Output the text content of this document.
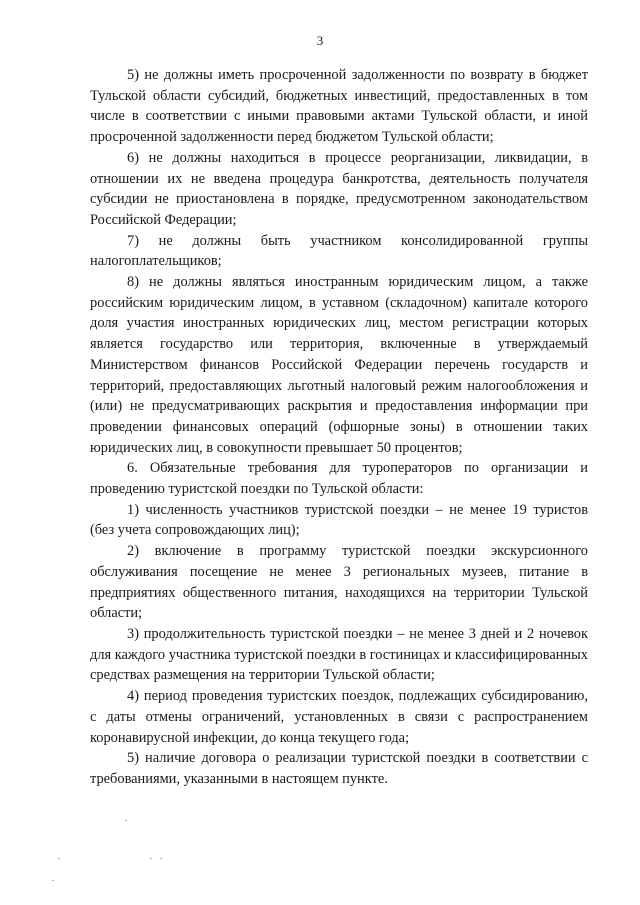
3

5) не должны иметь просроченной задолженности по возврату в бюджет Тульской области субсидий, бюджетных инвестиций, предоставленных в том числе в соответствии с иными правовыми актами Тульской области, и иной просроченной задолженности перед бюджетом Тульской области;

6) не должны находиться в процессе реорганизации, ликвидации, в отношении их не введена процедура банкротства, деятельность получателя субсидии не приостановлена в порядке, предусмотренном законодательством Российской Федерации;

7) не должны быть участником консолидированной группы налогоплательщиков;

8) не должны являться иностранным юридическим лицом, а также российским юридическим лицом, в уставном (складочном) капитале которого доля участия иностранных юридических лиц, местом регистрации которых является государство или территория, включенные в утверждаемый Министерством финансов Российской Федерации перечень государств и территорий, предоставляющих льготный налоговый режим налогообложения и (или) не предусматривающих раскрытия и предоставления информации при проведении финансовых операций (офшорные зоны) в отношении таких юридических лиц, в совокупности превышает 50 процентов;

6. Обязательные требования для туроператоров по организации и проведению туристской поездки по Тульской области:

1) численность участников туристской поездки – не менее 19 туристов (без учета сопровождающих лиц);

2) включение в программу туристской поездки экскурсионного обслуживания посещение не менее 3 региональных музеев, питание в предприятиях общественного питания, находящихся на территории Тульской области;

3) продолжительность туристской поездки – не менее 3 дней и 2 ночевок для каждого участника туристской поездки в гостиницах и классифицированных средствах размещения на территории Тульской области;

4) период проведения туристских поездок, подлежащих субсидированию, с даты отмены ограничений, установленных в связи с распространением коронавирусной инфекции, до конца текущего года;

5) наличие договора о реализации туристской поездки в соответствии с требованиями, указанными в настоящем пункте.
